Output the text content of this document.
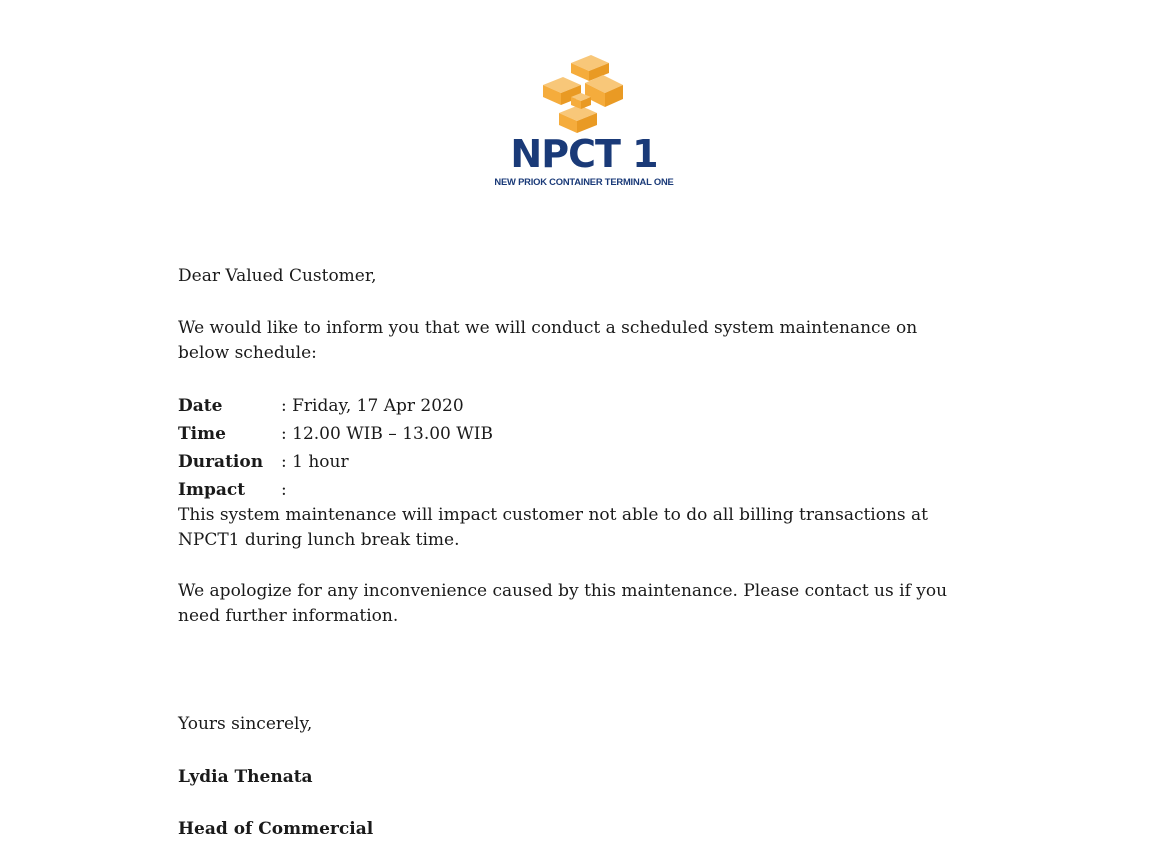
NPCT 1
NEW PRIOK CONTAINER TERMINAL ONE

Dear Valued Customer,

We would like to inform you that we will conduct a scheduled system maintenance on below schedule:

Date	: Friday, 17 Apr 2020
Time	: 12.00 WIB – 13.00 WIB
Duration	: 1 hour
Impact	:

This system maintenance will impact customer not able to do all billing transactions at NPCT1 during lunch break time.

We apologize for any inconvenience caused by this maintenance. Please contact us if you need further information.

Yours sincerely,
Lydia Thenata
Head of Commercial
